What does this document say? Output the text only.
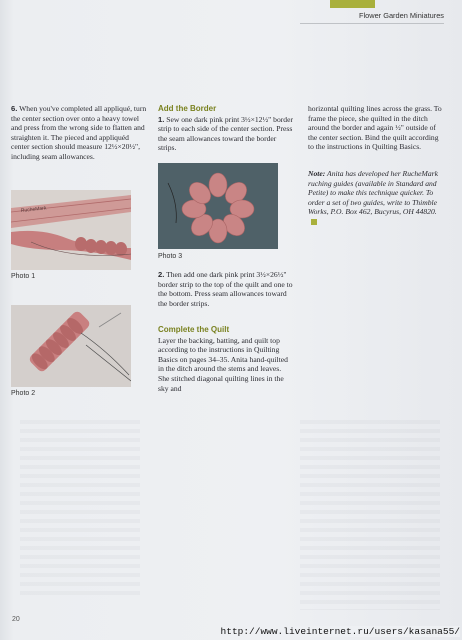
Flower Garden Miniatures
6. When you've completed all appliqué, turn the center section over onto a heavy towel and press from the wrong side to flatten and straighten it. The pieced and appliquéd center section should measure 12½×20½", including seam allowances.
RucheMark
Photo 1
Photo 2
Add the Border
1. Sew one dark pink print 3½×12½" border strip to each side of the center section. Press the seam allowances toward the border strips.
Photo 3
2. Then add one dark pink print 3½×26½" border strip to the top of the quilt and one to the bottom. Press seam allowances toward the border strips.
Complete the Quilt
Layer the backing, batting, and quilt top according to the instructions in Quilting Basics on pages 34–35. Anita hand-quilted in the ditch around the stems and leaves. She stitched diagonal quilting lines in the sky and
horizontal quilting lines across the grass. To frame the piece, she quilted in the ditch around the border and again ½" outside of the center section. Bind the quilt according to the instructions in Quilting Basics.
Note: Anita has developed her RucheMark ruching guides (available in Standard and Petite) to make this technique quicker. To order a set of two guides, write to Thimble Works, P.O. Box 462, Bucyrus, OH 44820.
20
http://www.liveinternet.ru/users/kasana55/
